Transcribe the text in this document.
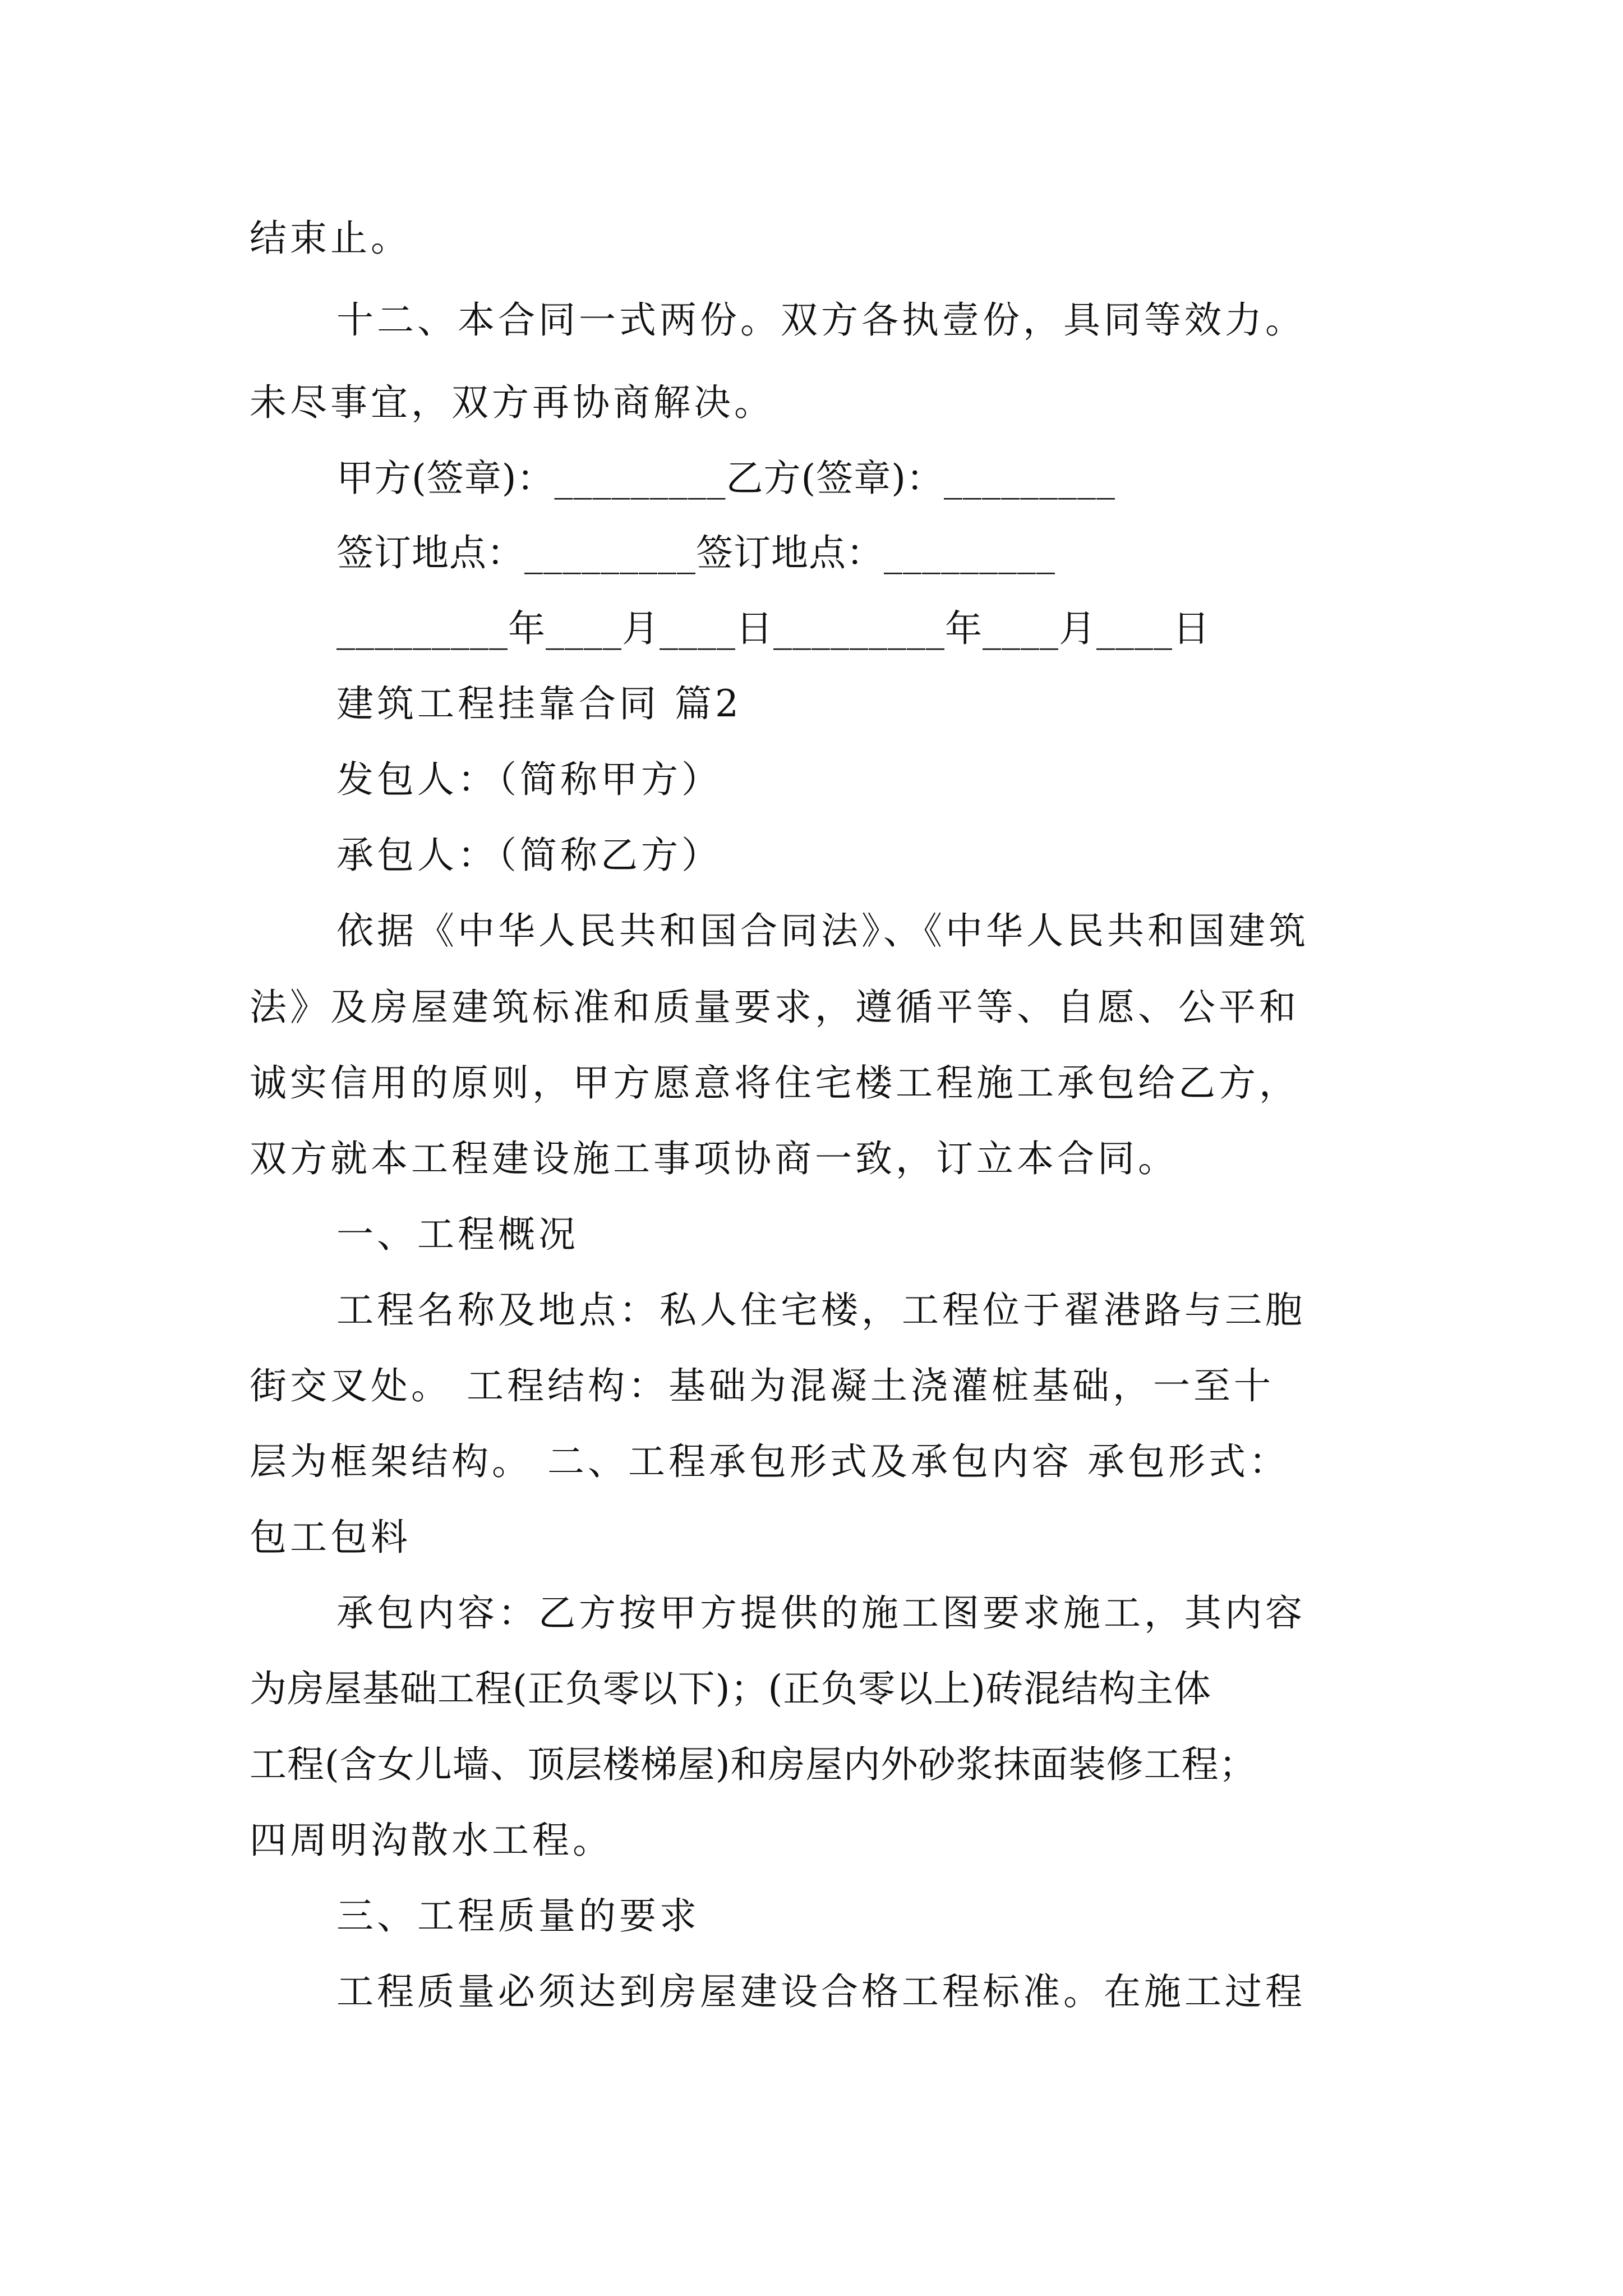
结束止。
十二、本合同一式两份。双方各执壹份，具同等效力。
未尽事宜，双方再协商解决。
甲方(签章)：_________乙方(签章)：_________
签订地点：_________签订地点：_________
_________年____月____日_________年____月____日
建筑工程挂靠合同 篇2
发包人：（简称甲方）
承包人：（简称乙方）
依据《中华人民共和国合同法》、《中华人民共和国建筑
法》及房屋建筑标准和质量要求，遵循平等、自愿、公平和
诚实信用的原则，甲方愿意将住宅楼工程施工承包给乙方，
双方就本工程建设施工事项协商一致，订立本合同。
一、工程概况
工程名称及地点：私人住宅楼，工程位于翟港路与三胞
街交叉处。 工程结构：基础为混凝土浇灌桩基础，一至十
层为框架结构。 二、工程承包形式及承包内容 承包形式：
包工包料
承包内容：乙方按甲方提供的施工图要求施工，其内容
为房屋基础工程(正负零以下)；(正负零以上)砖混结构主体
工程(含女儿墙、顶层楼梯屋)和房屋内外砂浆抹面装修工程；
四周明沟散水工程。
三、工程质量的要求
工程质量必须达到房屋建设合格工程标准。在施工过程
